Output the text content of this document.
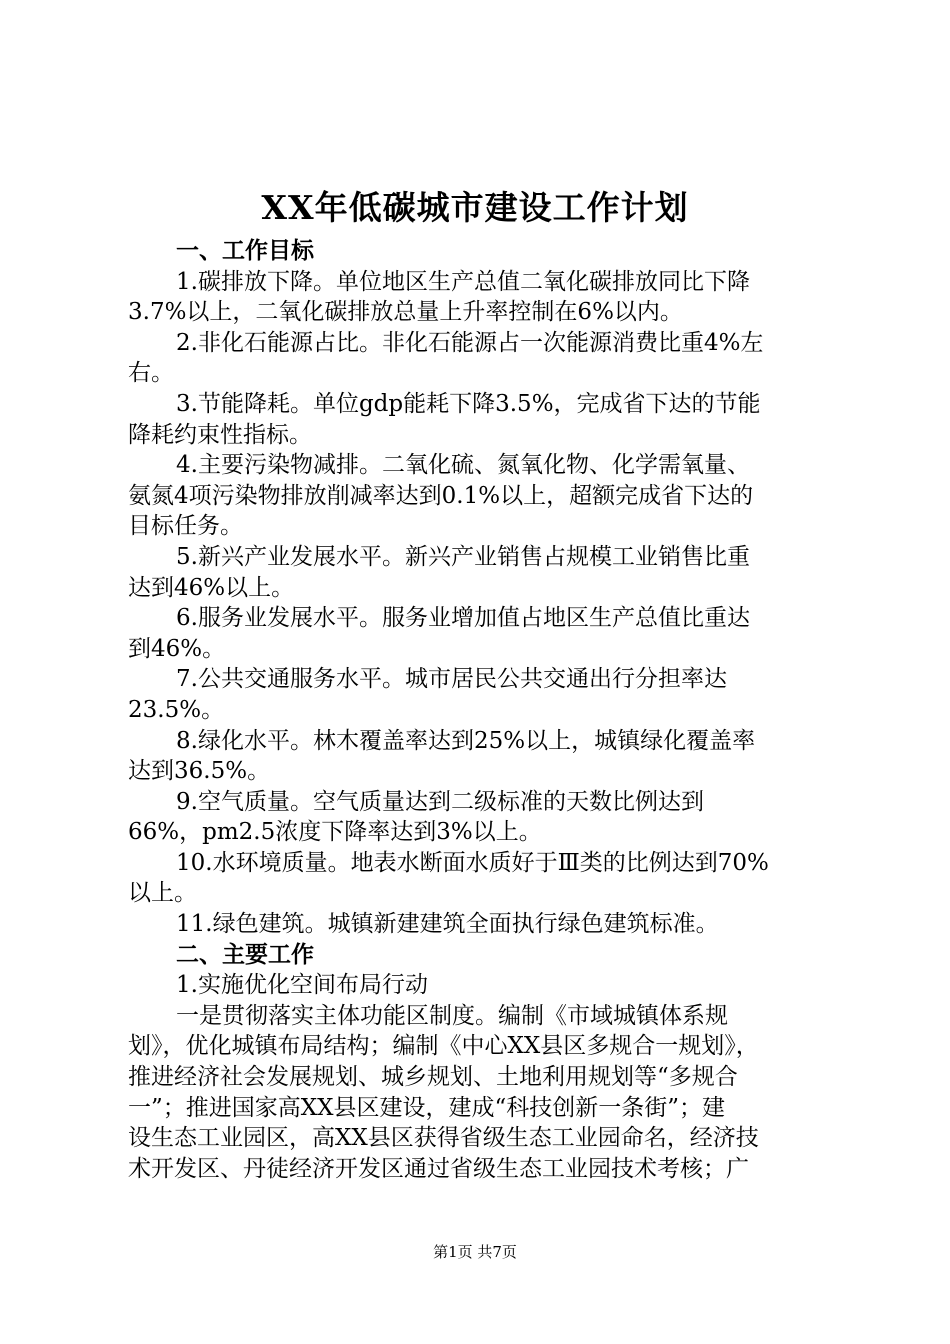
XX年低碳城市建设工作计划
一、工作目标
1.碳排放下降。单位地区生产总值二氧化碳排放同比下降
3.7%以上，二氧化碳排放总量上升率控制在6%以内。
2.非化石能源占比。非化石能源占一次能源消费比重4%左
右。
3.节能降耗。单位gdp能耗下降3.5%，完成省下达的节能
降耗约束性指标。
4.主要污染物减排。二氧化硫、氮氧化物、化学需氧量、
氨氮4项污染物排放削减率达到0.1%以上，超额完成省下达的
目标任务。
5.新兴产业发展水平。新兴产业销售占规模工业销售比重
达到46%以上。
6.服务业发展水平。服务业增加值占地区生产总值比重达
到46%。
7.公共交通服务水平。城市居民公共交通出行分担率达
23.5%。
8.绿化水平。林木覆盖率达到25%以上，城镇绿化覆盖率
达到36.5%。
9.空气质量。空气质量达到二级标准的天数比例达到
66%，pm2.5浓度下降率达到3%以上。
10.水环境质量。地表水断面水质好于Ⅲ类的比例达到70%
以上。
11.绿色建筑。城镇新建建筑全面执行绿色建筑标准。
二、主要工作
1.实施优化空间布局行动
一是贯彻落实主体功能区制度。编制《市域城镇体系规
划》，优化城镇布局结构；编制《中心XX县区多规合一规划》，
推进经济社会发展规划、城乡规划、土地利用规划等“多规合
一”；推进国家高XX县区建设，建成“科技创新一条街”；建
设生态工业园区，高XX县区获得省级生态工业园命名，经济技
术开发区、丹徒经济开发区通过省级生态工业园技术考核；广
第1页 共7页
